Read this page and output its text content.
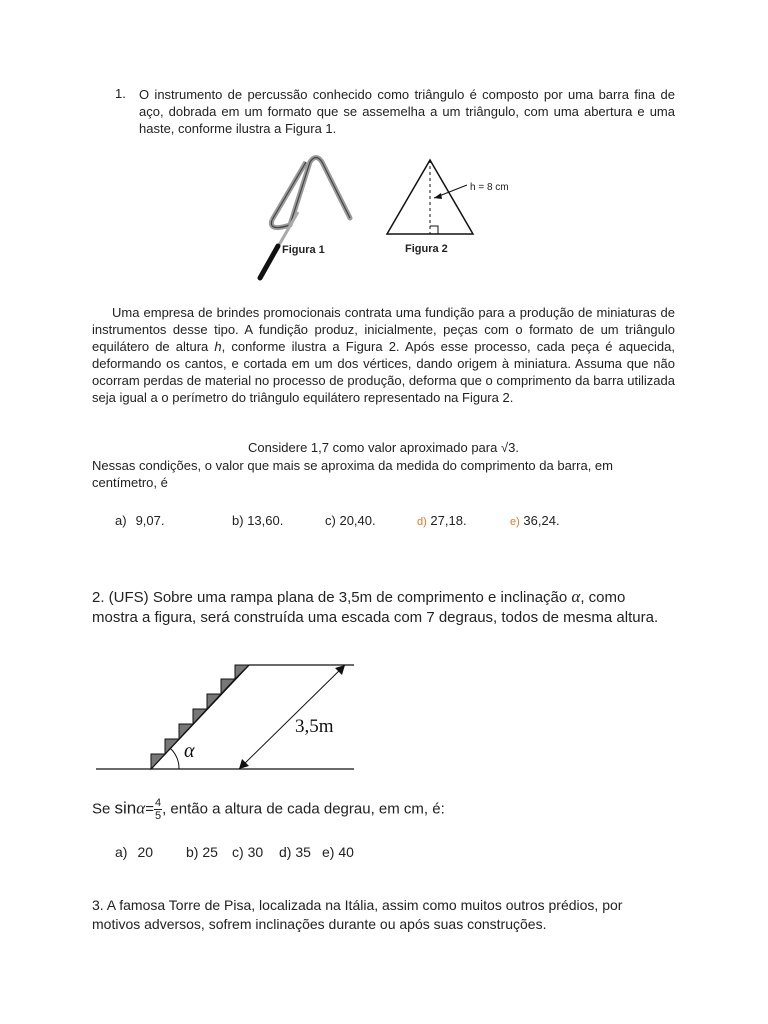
1. O instrumento de percussão conhecido como triângulo é composto por uma barra fina de aço, dobrada em um formato que se assemelha a um triângulo, com uma abertura e uma haste, conforme ilustra a Figura 1.
Figura 1
h = 8 cm
Figura 2
Uma empresa de brindes promocionais contrata uma fundição para a produção de miniaturas de instrumentos desse tipo. A fundição produz, inicialmente, peças com o formato de um triângulo equilátero de altura h, conforme ilustra a Figura 2. Após esse processo, cada peça é aquecida, deformando os cantos, e cortada em um dos vértices, dando origem à miniatura. Assuma que não ocorram perdas de material no processo de produção, deforma que o comprimento da barra utilizada seja igual a o perímetro do triângulo equilátero representado na Figura 2.
Considere 1,7 como valor aproximado para √3.
Nessas condições, o valor que mais se aproxima da medida do comprimento da barra, em centímetro, é
a) 9,07.	b) 13,60.	c) 20,40.	d) 27,18.	e) 36,24.
2. (UFS) Sobre uma rampa plana de 3,5m de comprimento e inclinação α, como mostra a figura, será construída uma escada com 7 degraus, todos de mesma altura.
α
3,5m
Se $\sin\alpha= \frac{4}{5}$ , então a altura de cada degrau, em cm, é:
a) 20 b) 25 c) 30 d) 35 e) 40
3. A famosa Torre de Pisa, localizada na Itália, assim como muitos outros prédios, por motivos adversos, sofrem inclinações durante ou após suas construções.
